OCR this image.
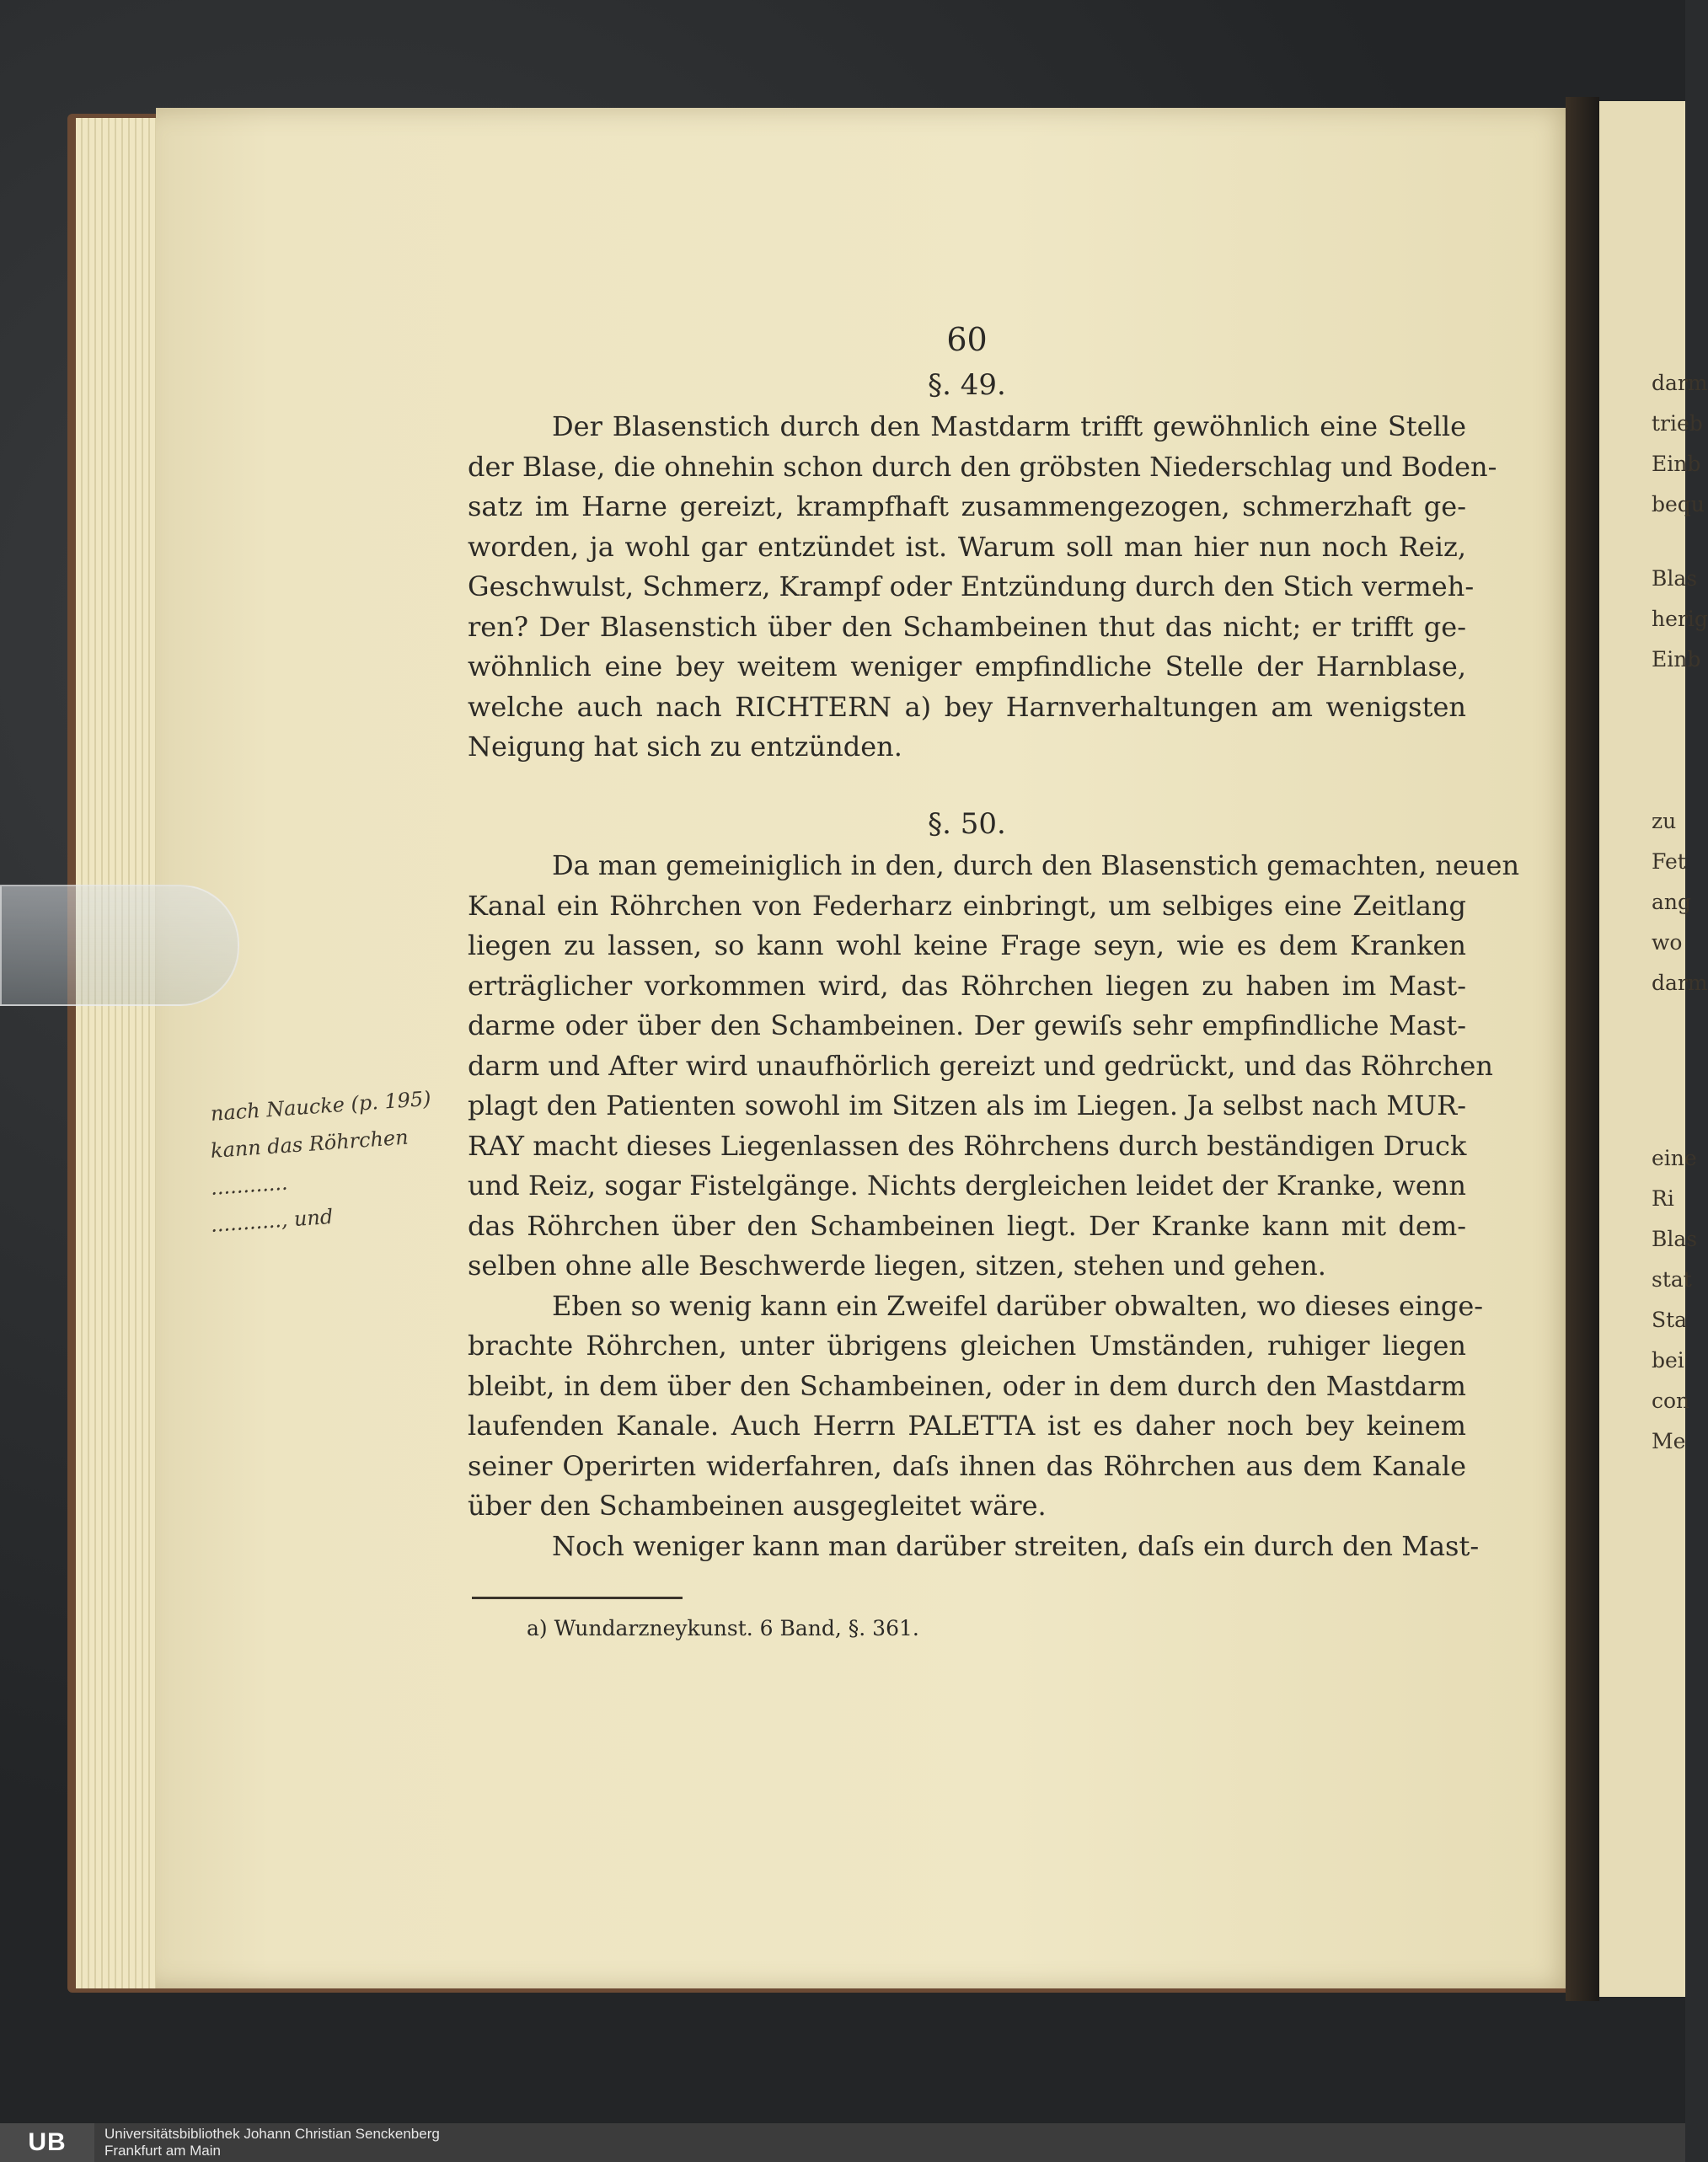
darm
trieb
Einb
bequ
Blas
herig
Einb
zu
Fet
ang
wo
darm
eine
Ri
Blas
stat
Sta
bei
con
Me
60
§. 49.
Der Blasenstich durch den Mastdarm trifft gewöhnlich eine Stelle
der Blase, die ohnehin schon durch den gröbsten Niederschlag und Boden-
satz im Harne gereizt, krampfhaft zusammengezogen, schmerzhaft ge-
worden, ja wohl gar entzündet ist. Warum soll man hier nun noch Reiz,
Geschwulst, Schmerz, Krampf oder Entzündung durch den Stich vermeh-
ren? Der Blasenstich über den Schambeinen thut das nicht; er trifft ge-
wöhnlich eine bey weitem weniger empfindliche Stelle der Harnblase,
welche auch nach RICHTERN a) bey Harnverhaltungen am wenigsten
Neigung hat sich zu entzünden.
§. 50.
Da man gemeiniglich in den, durch den Blasenstich gemachten, neuen
Kanal ein Röhrchen von Federharz einbringt, um selbiges eine Zeitlang
liegen zu lassen, so kann wohl keine Frage seyn, wie es dem Kranken
erträglicher vorkommen wird, das Röhrchen liegen zu haben im Mast-
darme oder über den Schambeinen. Der gewiſs sehr empfindliche Mast-
darm und After wird unaufhörlich gereizt und gedrückt, und das Röhrchen
plagt den Patienten sowohl im Sitzen als im Liegen. Ja selbst nach MUR-
RAY macht dieses Liegenlassen des Röhrchens durch beständigen Druck
und Reiz, sogar Fistelgänge. Nichts dergleichen leidet der Kranke, wenn
das Röhrchen über den Schambeinen liegt. Der Kranke kann mit dem-
selben ohne alle Beschwerde liegen, sitzen, stehen und gehen.
Eben so wenig kann ein Zweifel darüber obwalten, wo dieses einge-
brachte Röhrchen, unter übrigens gleichen Umständen, ruhiger liegen
bleibt, in dem über den Schambeinen, oder in dem durch den Mastdarm
laufenden Kanale. Auch Herrn PALETTA ist es daher noch bey keinem
seiner Operirten widerfahren, daſs ihnen das Röhrchen aus dem Kanale
über den Schambeinen ausgegleitet wäre.
Noch weniger kann man darüber streiten, daſs ein durch den Mast-
a) Wundarzneykunst. 6 Band, §. 361.
nach Naucke (p. 195)
kann das Röhrchen
............
..........., und
UB	Universitätsbibliothek Johann Christian Senckenberg
Frankfurt am Main
